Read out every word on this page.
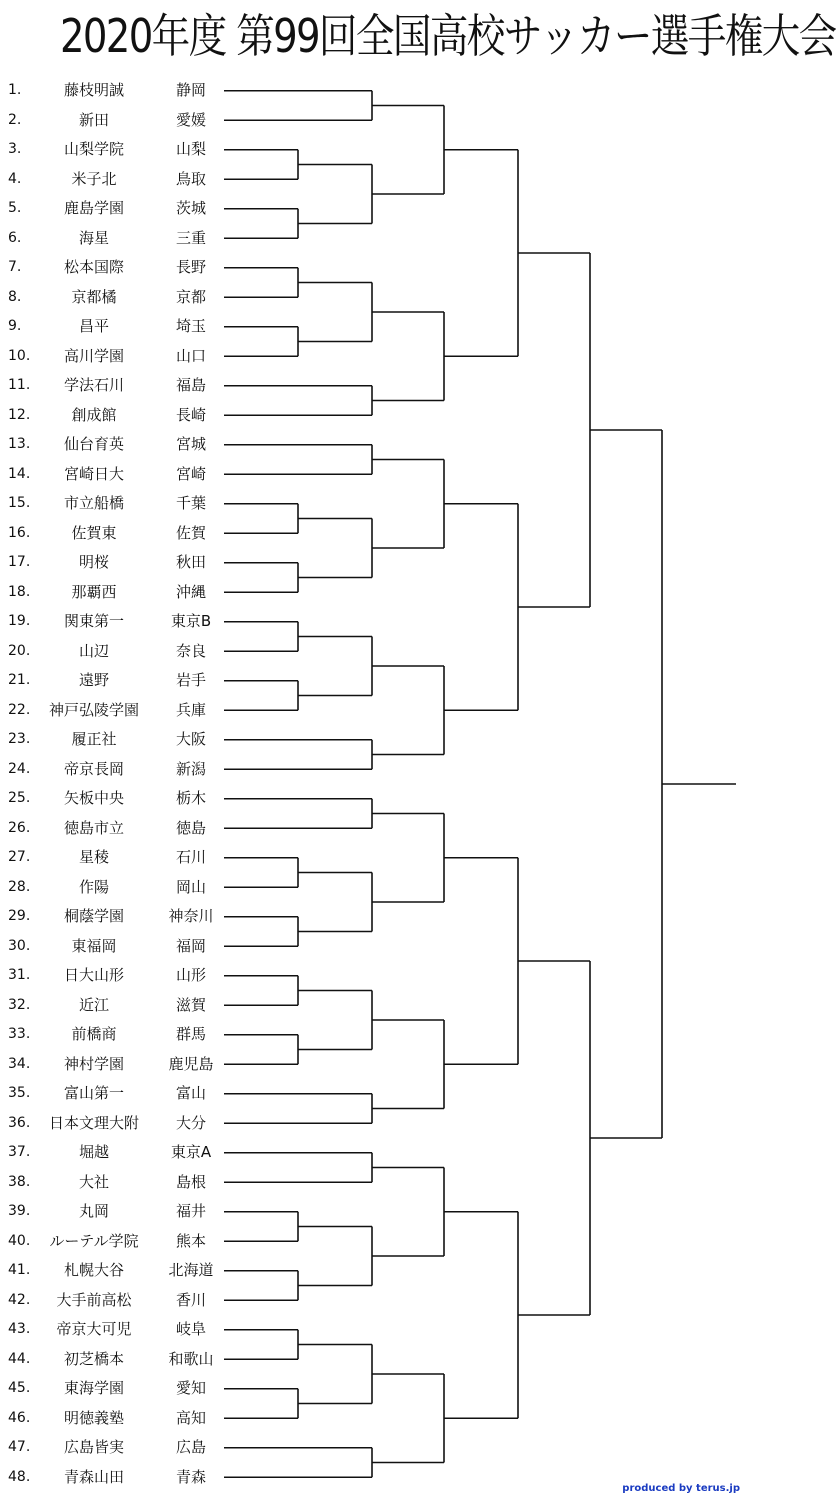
2020年度 第99回全国高校サッカー選手権大会
1.	藤枝明誠	静岡
2.	新田	愛媛
3.	山梨学院	山梨
4.	米子北	鳥取
5.	鹿島学園	茨城
6.	海星	三重
7.	松本国際	長野
8.	京都橘	京都
9.	昌平	埼玉
10.	高川学園	山口
11.	学法石川	福島
12.	創成館	長崎
13.	仙台育英	宮城
14.	宮崎日大	宮崎
15.	市立船橋	千葉
16.	佐賀東	佐賀
17.	明桜	秋田
18.	那覇西	沖縄
19.	関東第一	東京B
20.	山辺	奈良
21.	遠野	岩手
22.	神戸弘陵学園	兵庫
23.	履正社	大阪
24.	帝京長岡	新潟
25.	矢板中央	栃木
26.	徳島市立	徳島
27.	星稜	石川
28.	作陽	岡山
29.	桐蔭学園	神奈川
30.	東福岡	福岡
31.	日大山形	山形
32.	近江	滋賀
33.	前橋商	群馬
34.	神村学園	鹿児島
35.	富山第一	富山
36.	日本文理大附	大分
37.	堀越	東京A
38.	大社	島根
39.	丸岡	福井
40.	ルーテル学院	熊本
41.	札幌大谷	北海道
42.	大手前高松	香川
43.	帝京大可児	岐阜
44.	初芝橋本	和歌山
45.	東海学園	愛知
46.	明徳義塾	高知
47.	広島皆実	広島
48.	青森山田	青森
produced by terus.jp
